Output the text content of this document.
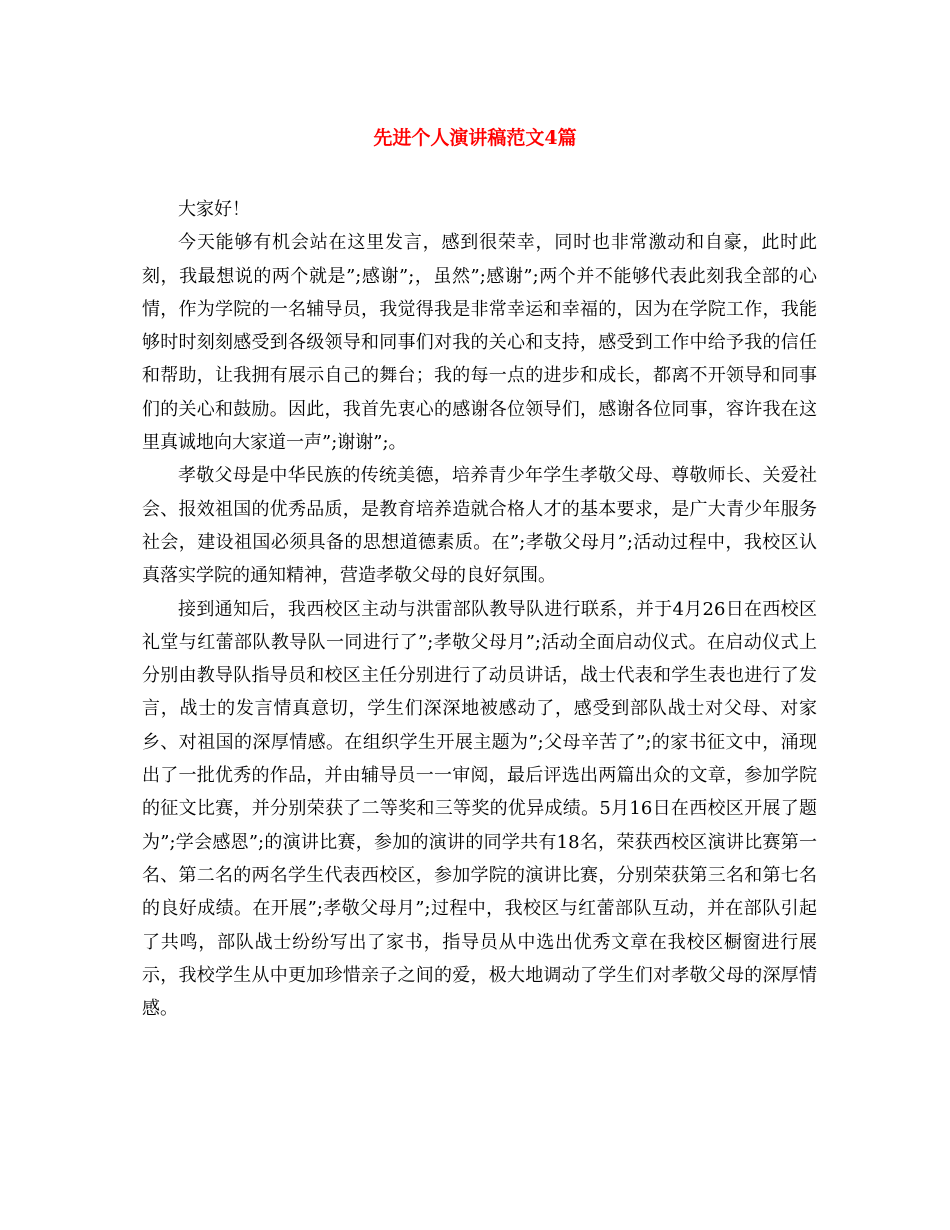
先进个人演讲稿范文4篇

大家好！

今天能够有机会站在这里发言，感到很荣幸，同时也非常激动和自豪，此时此刻，我最想说的两个就是”;感谢”;，虽然”;感谢”;两个并不能够代表此刻我全部的心情，作为学院的一名辅导员，我觉得我是非常幸运和幸福的，因为在学院工作，我能够时时刻刻感受到各级领导和同事们对我的关心和支持，感受到工作中给予我的信任和帮助，让我拥有展示自己的舞台；我的每一点的进步和成长，都离不开领导和同事们的关心和鼓励。因此，我首先衷心的感谢各位领导们，感谢各位同事，容许我在这里真诚地向大家道一声”;谢谢”;。

孝敬父母是中华民族的传统美德，培养青少年学生孝敬父母、尊敬师长、关爱社会、报效祖国的优秀品质，是教育培养造就合格人才的基本要求，是广大青少年服务社会，建设祖国必须具备的思想道德素质。在”;孝敬父母月”;活动过程中，我校区认真落实学院的通知精神，营造孝敬父母的良好氛围。

接到通知后，我西校区主动与洪雷部队教导队进行联系，并于4月26日在西校区礼堂与红蕾部队教导队一同进行了”;孝敬父母月”;活动全面启动仪式。在启动仪式上分别由教导队指导员和校区主任分别进行了动员讲话，战士代表和学生表也进行了发言，战士的发言情真意切，学生们深深地被感动了，感受到部队战士对父母、对家乡、对祖国的深厚情感。在组织学生开展主题为”;父母辛苦了”;的家书征文中，涌现出了一批优秀的作品，并由辅导员一一审阅，最后评选出两篇出众的文章，参加学院的征文比赛，并分别荣获了二等奖和三等奖的优异成绩。5月16日在西校区开展了题为”;学会感恩”;的演讲比赛，参加的演讲的同学共有18名，荣获西校区演讲比赛第一名、第二名的两名学生代表西校区，参加学院的演讲比赛，分别荣获第三名和第七名的良好成绩。在开展”;孝敬父母月”;过程中，我校区与红蕾部队互动，并在部队引起了共鸣，部队战士纷纷写出了家书，指导员从中选出优秀文章在我校区橱窗进行展示，我校学生从中更加珍惜亲子之间的爱，极大地调动了学生们对孝敬父母的深厚情感。
